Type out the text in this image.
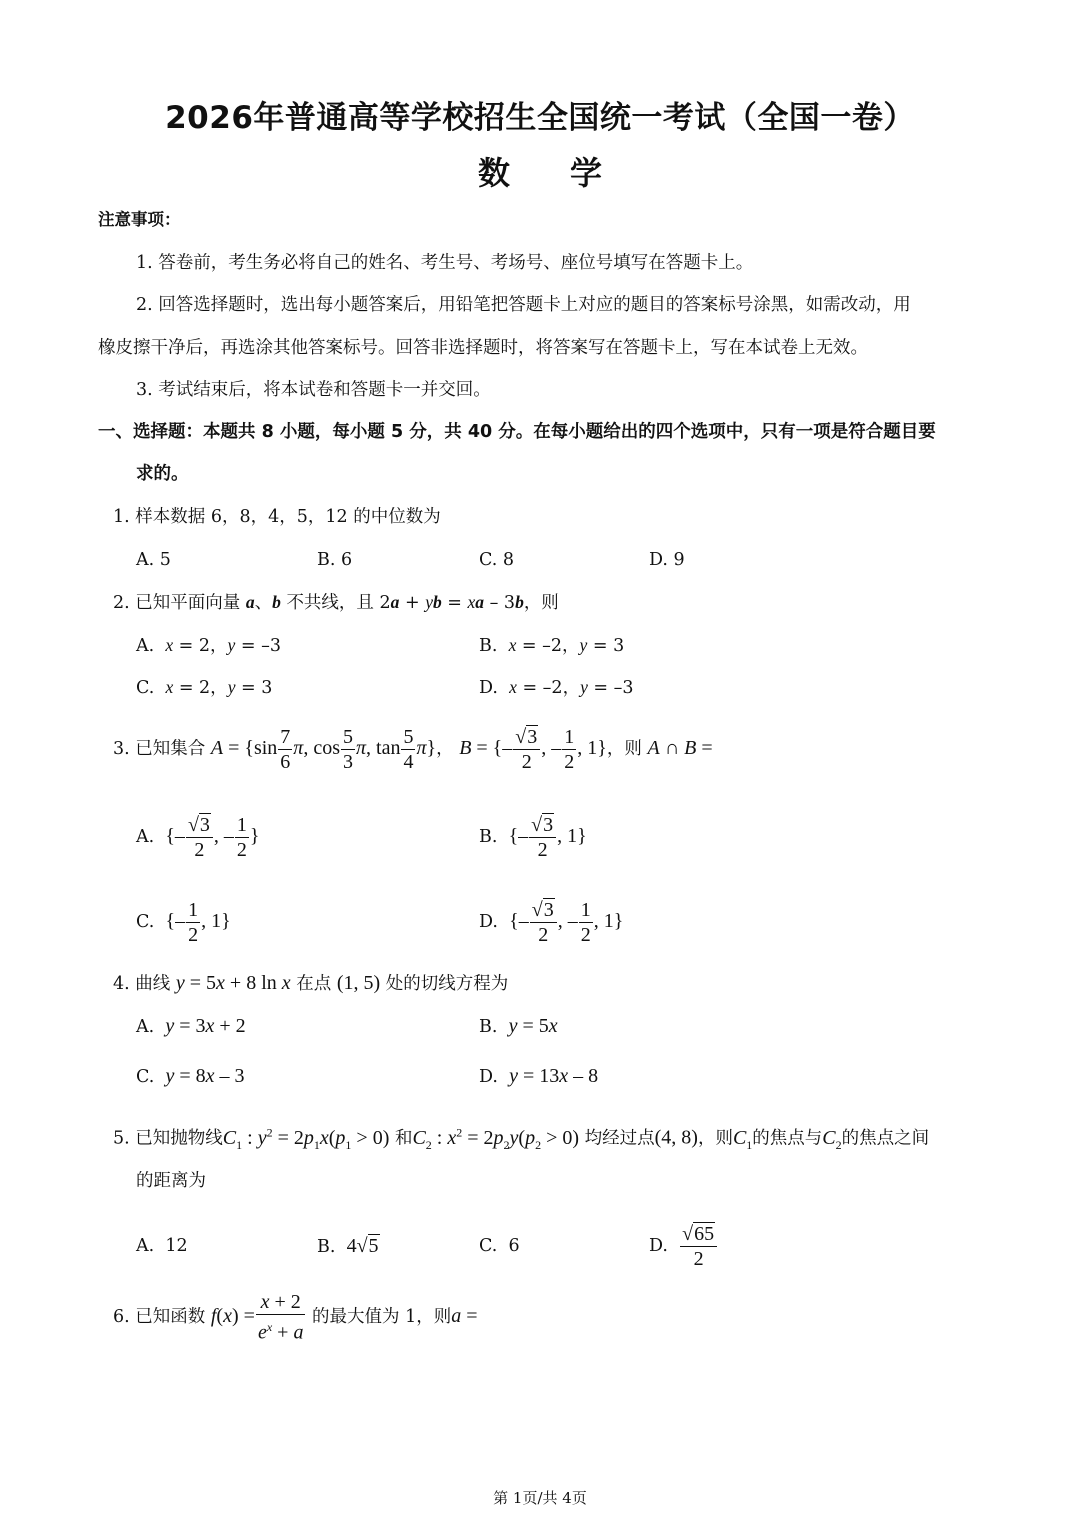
2026年普通高等学校招生全国统一考试（全国一卷）
数学
注意事项：
1. 答卷前，考生务必将自己的姓名、考生号、考场号、座位号填写在答题卡上。
2. 回答选择题时，选出每小题答案后，用铅笔把答题卡上对应的题目的答案标号涂黑，如需改动，用
橡皮擦干净后，再选涂其他答案标号。回答非选择题时，将答案写在答题卡上，写在本试卷上无效。
3. 考试结束后，将本试卷和答题卡一并交回。
一、选择题：本题共 8 小题，每小题 5 分，共 40 分。在每小题给出的四个选项中，只有一项是符合题目要
求的。
1. 样本数据 6，8，4，5，12 的中位数为
A. 5	B. 6	C. 8	D. 9
2. 已知平面向量 a、b 不共线，且 2a + yb = xa – 3b，则
A.  x = 2，y = –3	B.  x = –2，y = 3
C.  x = 2，y = 3	D.  x = –2，y = –3
3. 已知集合 $A = \{\sin \frac{7}{6} \pi$, $\cos \frac{5}{3} \pi$, $\tan \frac{5}{4} \pi$}， B = {– $\frac{√3}{2}$ , – $\frac{1}{2}$ , 1}，则 A ∩ B =
A.  {– $\frac{√3}{2}$ , – $\frac{1}{2}$ }	B.  {– $\frac{√3}{2}$ , 1}
C.  {– $\frac{1}{2}$ , 1}	D.  {– $\frac{√3}{2}$ , – $\frac{1}{2}$ , 1}
4. 曲线 y = 5x + 8 ln x 在点 (1, 5) 处的切线方程为
A.  y = 3x + 2	B.  y = 5x
C.  y = 8x – 3	D.  y = 13x – 8
5. 已知抛物线$C_1$ : $y^2 = 2p_1x(p_1 > 0)$ 和$C_2$ : $x^2 = 2p_2y(p_2 > 0)$ 均经过点(4, 8)，则$C_1$的焦点与$C_2$的焦点之间
的距离为
A.  12	B.  4√5	C.  6	D. $\frac{√65}{2}$
6. 已知函数 $f(x) = \frac{x + 2}{e^x + a}$ 的最大值为 1，则a =
第 1页/共 4页
